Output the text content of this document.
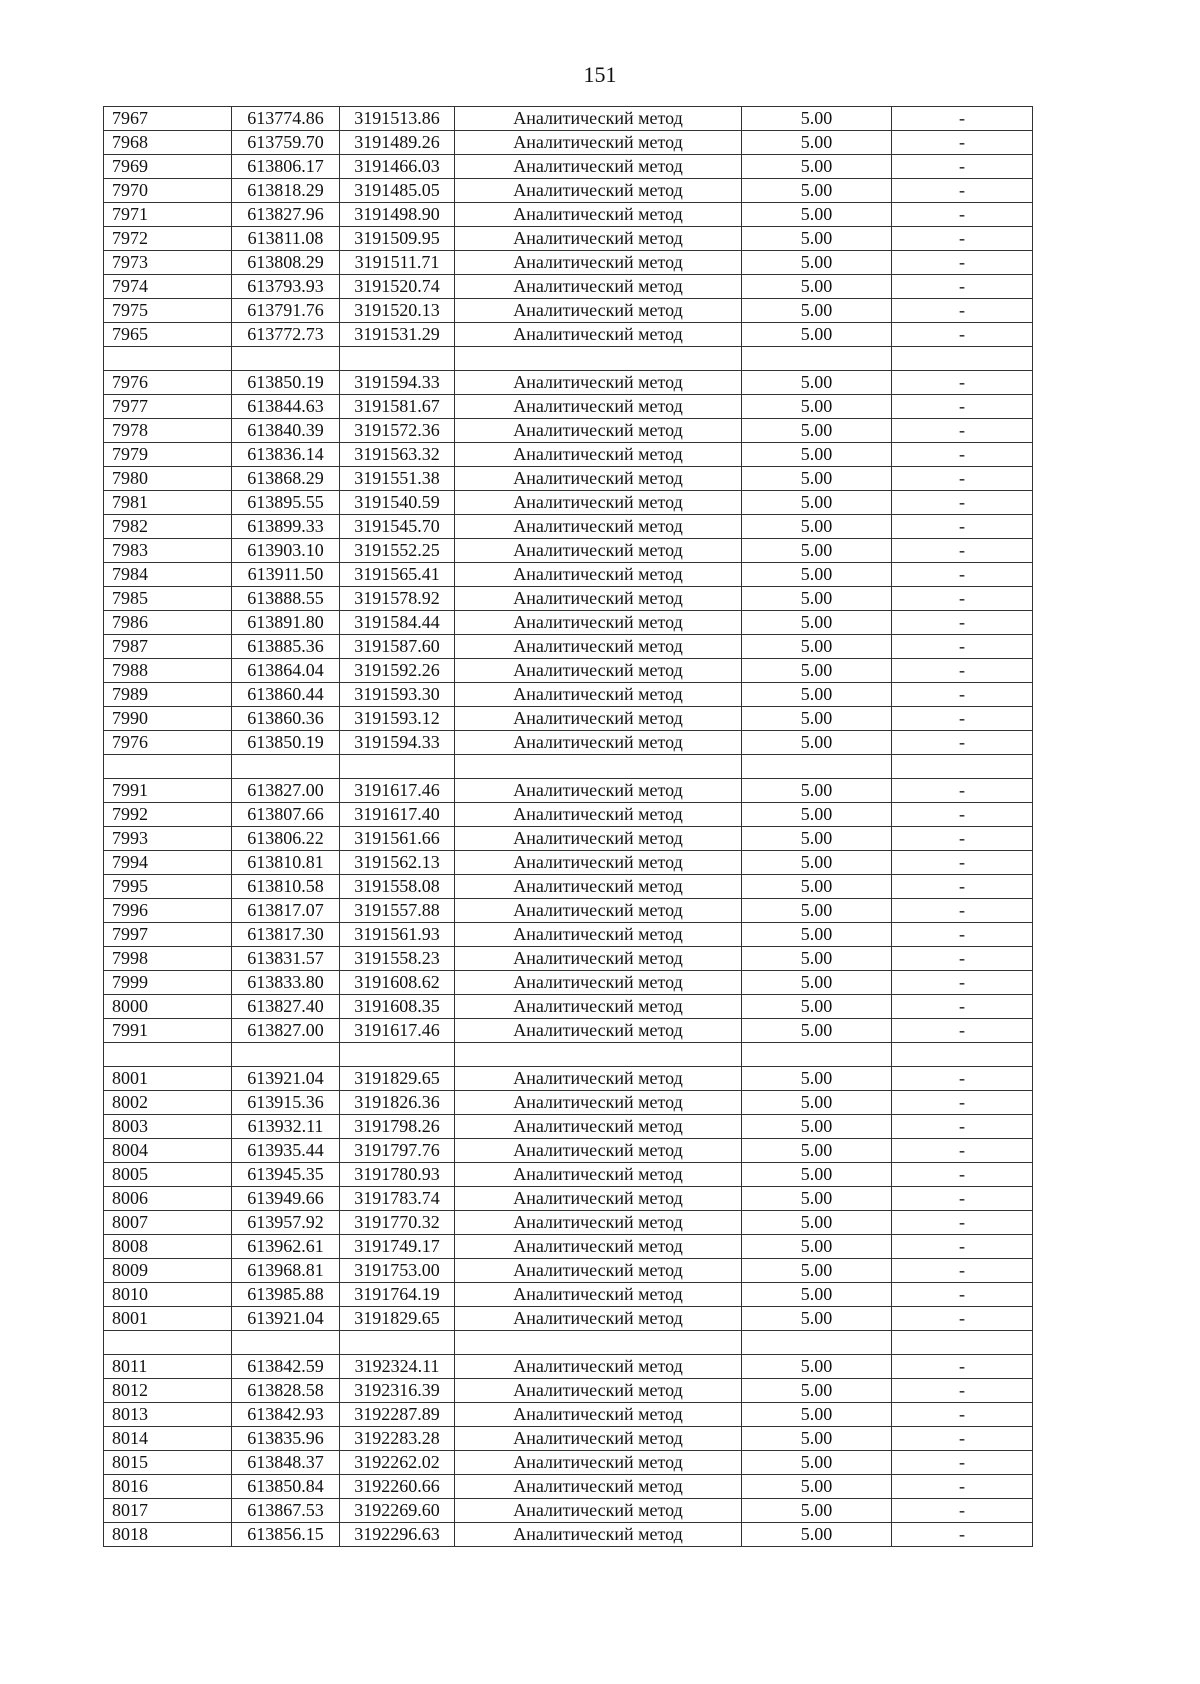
151
7967	613774.86	3191513.86	Аналитический метод	5.00	-
7968	613759.70	3191489.26	Аналитический метод	5.00	-
7969	613806.17	3191466.03	Аналитический метод	5.00	-
7970	613818.29	3191485.05	Аналитический метод	5.00	-
7971	613827.96	3191498.90	Аналитический метод	5.00	-
7972	613811.08	3191509.95	Аналитический метод	5.00	-
7973	613808.29	3191511.71	Аналитический метод	5.00	-
7974	613793.93	3191520.74	Аналитический метод	5.00	-
7975	613791.76	3191520.13	Аналитический метод	5.00	-
7965	613772.73	3191531.29	Аналитический метод	5.00	-

7976	613850.19	3191594.33	Аналитический метод	5.00	-
7977	613844.63	3191581.67	Аналитический метод	5.00	-
7978	613840.39	3191572.36	Аналитический метод	5.00	-
7979	613836.14	3191563.32	Аналитический метод	5.00	-
7980	613868.29	3191551.38	Аналитический метод	5.00	-
7981	613895.55	3191540.59	Аналитический метод	5.00	-
7982	613899.33	3191545.70	Аналитический метод	5.00	-
7983	613903.10	3191552.25	Аналитический метод	5.00	-
7984	613911.50	3191565.41	Аналитический метод	5.00	-
7985	613888.55	3191578.92	Аналитический метод	5.00	-
7986	613891.80	3191584.44	Аналитический метод	5.00	-
7987	613885.36	3191587.60	Аналитический метод	5.00	-
7988	613864.04	3191592.26	Аналитический метод	5.00	-
7989	613860.44	3191593.30	Аналитический метод	5.00	-
7990	613860.36	3191593.12	Аналитический метод	5.00	-
7976	613850.19	3191594.33	Аналитический метод	5.00	-

7991	613827.00	3191617.46	Аналитический метод	5.00	-
7992	613807.66	3191617.40	Аналитический метод	5.00	-
7993	613806.22	3191561.66	Аналитический метод	5.00	-
7994	613810.81	3191562.13	Аналитический метод	5.00	-
7995	613810.58	3191558.08	Аналитический метод	5.00	-
7996	613817.07	3191557.88	Аналитический метод	5.00	-
7997	613817.30	3191561.93	Аналитический метод	5.00	-
7998	613831.57	3191558.23	Аналитический метод	5.00	-
7999	613833.80	3191608.62	Аналитический метод	5.00	-
8000	613827.40	3191608.35	Аналитический метод	5.00	-
7991	613827.00	3191617.46	Аналитический метод	5.00	-

8001	613921.04	3191829.65	Аналитический метод	5.00	-
8002	613915.36	3191826.36	Аналитический метод	5.00	-
8003	613932.11	3191798.26	Аналитический метод	5.00	-
8004	613935.44	3191797.76	Аналитический метод	5.00	-
8005	613945.35	3191780.93	Аналитический метод	5.00	-
8006	613949.66	3191783.74	Аналитический метод	5.00	-
8007	613957.92	3191770.32	Аналитический метод	5.00	-
8008	613962.61	3191749.17	Аналитический метод	5.00	-
8009	613968.81	3191753.00	Аналитический метод	5.00	-
8010	613985.88	3191764.19	Аналитический метод	5.00	-
8001	613921.04	3191829.65	Аналитический метод	5.00	-

8011	613842.59	3192324.11	Аналитический метод	5.00	-
8012	613828.58	3192316.39	Аналитический метод	5.00	-
8013	613842.93	3192287.89	Аналитический метод	5.00	-
8014	613835.96	3192283.28	Аналитический метод	5.00	-
8015	613848.37	3192262.02	Аналитический метод	5.00	-
8016	613850.84	3192260.66	Аналитический метод	5.00	-
8017	613867.53	3192269.60	Аналитический метод	5.00	-
8018	613856.15	3192296.63	Аналитический метод	5.00	-
